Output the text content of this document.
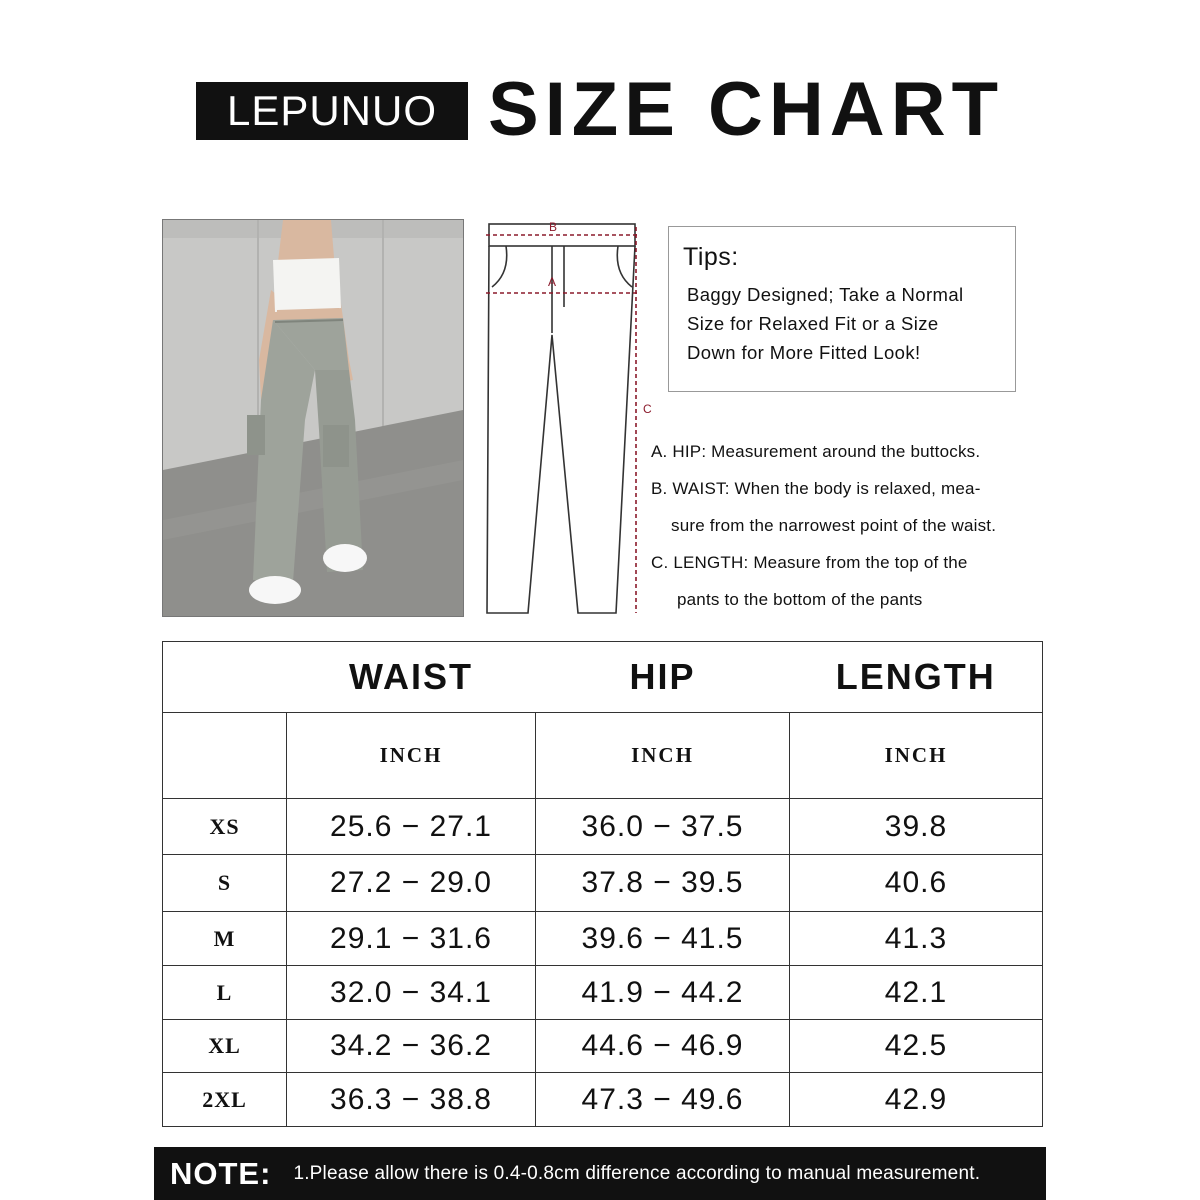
LEPUNUO SIZE CHART
B
A
C
Tips:
Baggy Designed; Take a Normal
Size for Relaxed Fit or a Size
Down for More Fitted Look!
A. HIP: Measurement around the buttocks.
B. WAIST: When the body is relaxed, mea-
sure from the narrowest point of the waist.
C. LENGTH: Measure from the top of the
pants to the bottom of the pants
	WAIST	HIP	LENGTH
	INCH	INCH	INCH
XS	25.6 − 27.1	36.0 − 37.5	39.8
S	27.2 − 29.0	37.8 − 39.5	40.6
M	29.1 − 31.6	39.6 − 41.5	41.3
L	32.0 − 34.1	41.9 − 44.2	42.1
XL	34.2 − 36.2	44.6 − 46.9	42.5
2XL	36.3 − 38.8	47.3 − 49.6	42.9
NOTE: 1.Please allow there is 0.4-0.8cm difference according to manual measurement.
